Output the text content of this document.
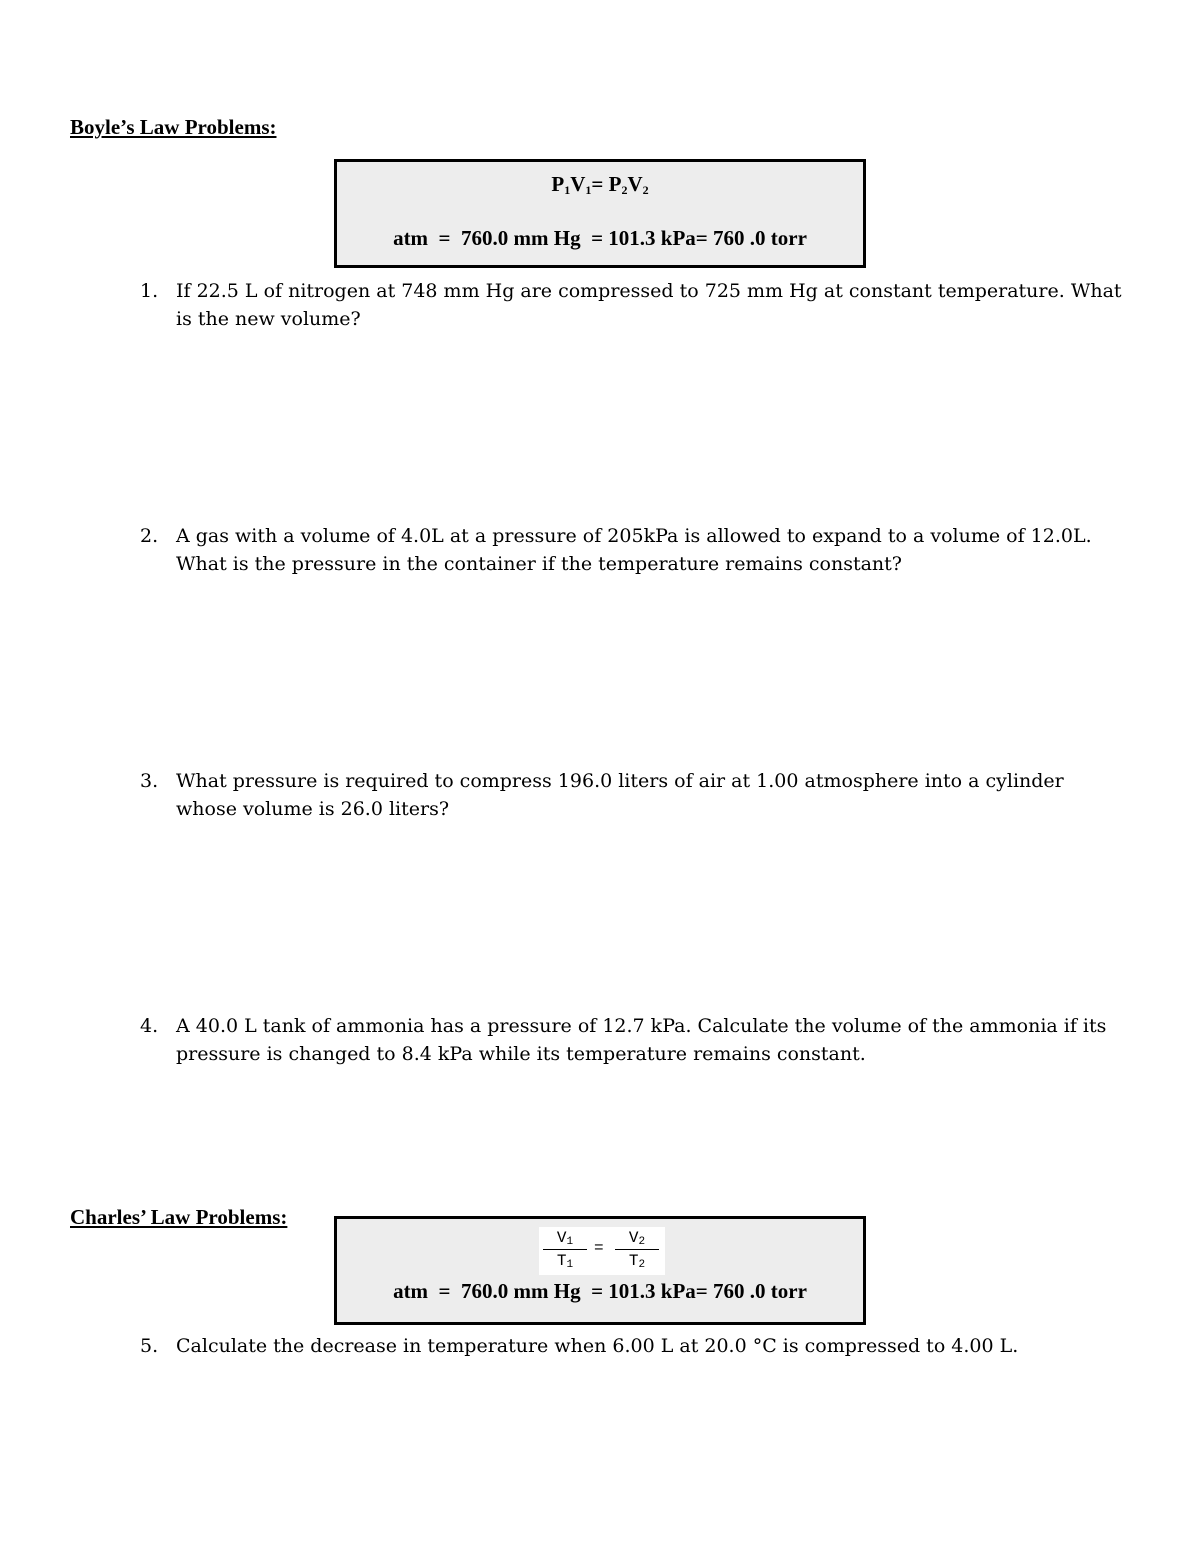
Boyle’s Law Problems:
$P_1V_1= P_2V_2$
atm  =  760.0 mm Hg  = 101.3 kPa= 760 .0 torr
1. If 22.5 L of nitrogen at 748 mm Hg are compressed to 725 mm Hg at constant temperature. What is the new volume?
2. A gas with a volume of 4.0L at a pressure of 205kPa is allowed to expand to a volume of 12.0L. What is the pressure in the container if the temperature remains constant?
3. What pressure is required to compress 196.0 liters of air at 1.00 atmosphere into a cylinder whose volume is 26.0 liters?
4. A 40.0 L tank of ammonia has a pressure of 12.7 kPa. Calculate the volume of the ammonia if its pressure is changed to 8.4 kPa while its temperature remains constant.
Charles’ Law Problems:
$V_1$
$T_1$
=
$V_2$
$T_2$
atm  =  760.0 mm Hg  = 101.3 kPa= 760 .0 torr
5. Calculate the decrease in temperature when 6.00 L at 20.0 °C is compressed to 4.00 L.
